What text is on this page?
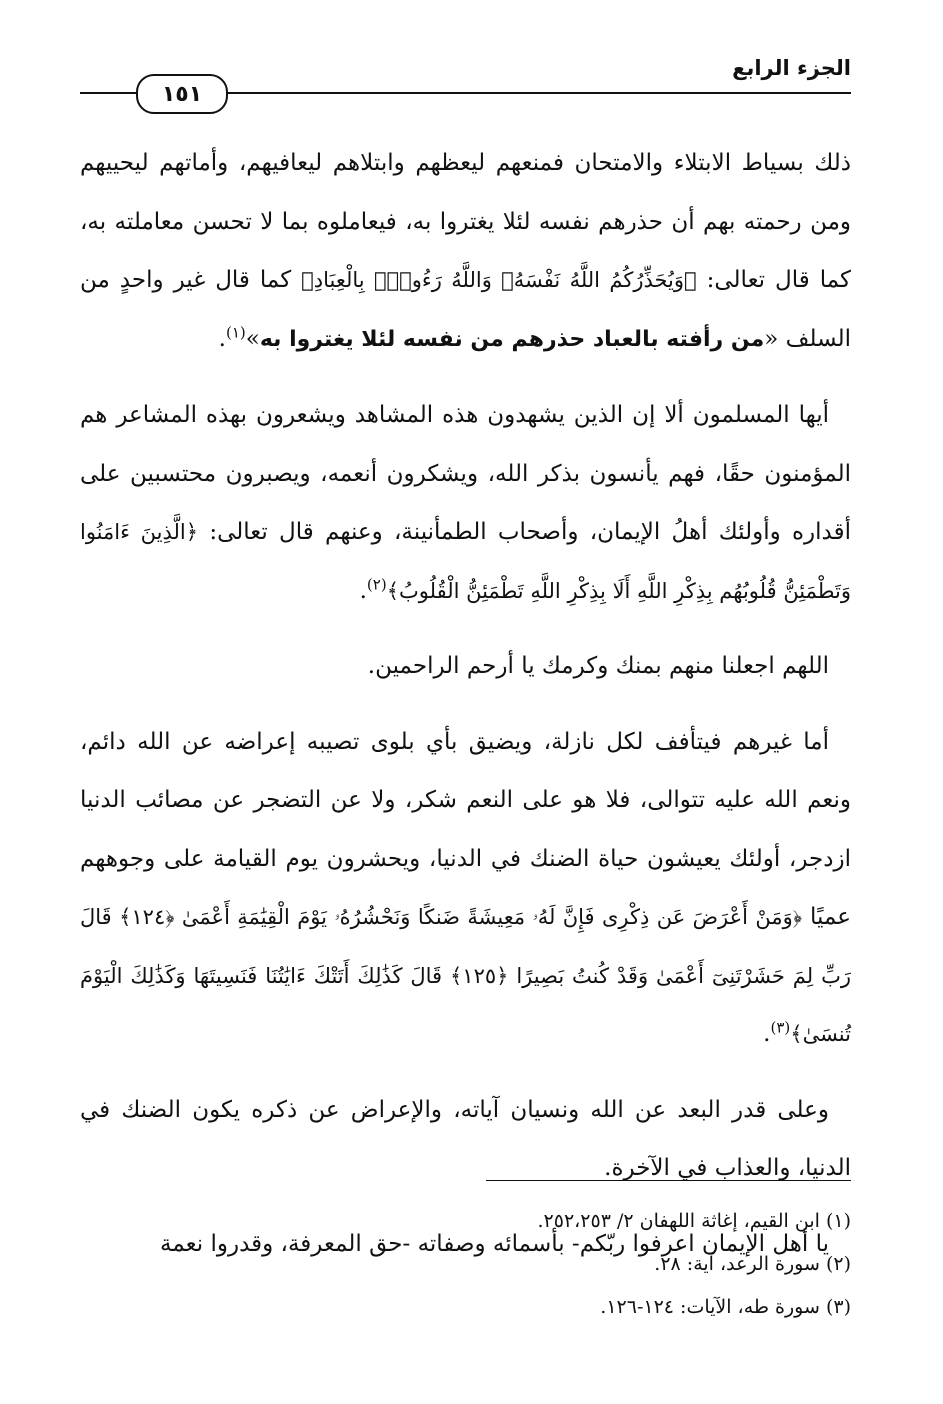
الجزء الرابع
١٥١

ذلك بسياط الابتلاء والامتحان فمنعهم ليعظهم وابتلاهم ليعافيهم، وأماتهم ليحييهم ومن رحمته بهم أن حذرهم نفسه لئلا يغتروا به، فيعاملوه بما لا تحسن معاملته به، كما قال تعالى: ﴿وَيُحَذِّرُكُمُ اللَّهُ نَفْسَهُۥ وَاللَّهُ رَءُوفُۢ بِالْعِبَادِ﴾ كما قال غير واحدٍ من السلف «من رأفته بالعباد حذرهم من نفسه لئلا يغتروا به»$^{(١)}$.

أيها المسلمون ألا إن الذين يشهدون هذه المشاهد ويشعرون بهذه المشاعر هم المؤمنون حقًا، فهم يأنسون بذكر الله، ويشكرون أنعمه، ويصبرون محتسبين على أقداره وأولئك أهلُ الإيمان، وأصحاب الطمأنينة، وعنهم قال تعالى: ﴿الَّذِينَ ءَامَنُوا وَتَطْمَئِنُّ قُلُوبُهُم بِذِكْرِ اللَّهِ أَلَا بِذِكْرِ اللَّهِ تَطْمَئِنُّ الْقُلُوبُ﴾$^{(٢)}$.

اللهم اجعلنا منهم بمنك وكرمك يا أرحم الراحمين.

أما غيرهم فيتأفف لكل نازلة، ويضيق بأي بلوى تصيبه إعراضه عن الله دائم، ونعم الله عليه تتوالى، فلا هو على النعم شكر، ولا عن التضجر عن مصائب الدنيا ازدجر، أولئك يعيشون حياة الضنك في الدنيا، ويحشرون يوم القيامة على وجوههم عميًا ﴿وَمَنْ أَعْرَضَ عَن ذِكْرِى فَإِنَّ لَهُۥ مَعِيشَةً ضَنكًا وَنَحْشُرُهُۥ يَوْمَ الْقِيَٰمَةِ أَعْمَىٰ ﴿١٢٤﴾ قَالَ رَبِّ لِمَ حَشَرْتَنِىٓ أَعْمَىٰ وَقَدْ كُنتُ بَصِيرًا ﴿١٢٥﴾ قَالَ كَذَٰلِكَ أَتَتْكَ ءَايَٰتُنَا فَنَسِيتَهَا وَكَذَٰلِكَ الْيَوْمَ تُنسَىٰ﴾$^{(٣)}$.

وعلى قدر البعد عن الله ونسيان آياته، والإعراض عن ذكره يكون الضنك في الدنيا، والعذاب في الآخرة.

يا أهل الإيمان اعرفوا ربّكم- بأسمائه وصفاته -حق المعرفة، وقدروا نعمة

(١) ابن القيم، إغاثة اللهفان ٢/ ٢٥٢،٢٥٣.
(٢) سورة الرعد، آية: ٢٨.
(٣) سورة طه، الآيات: ١٢٤-١٢٦.
